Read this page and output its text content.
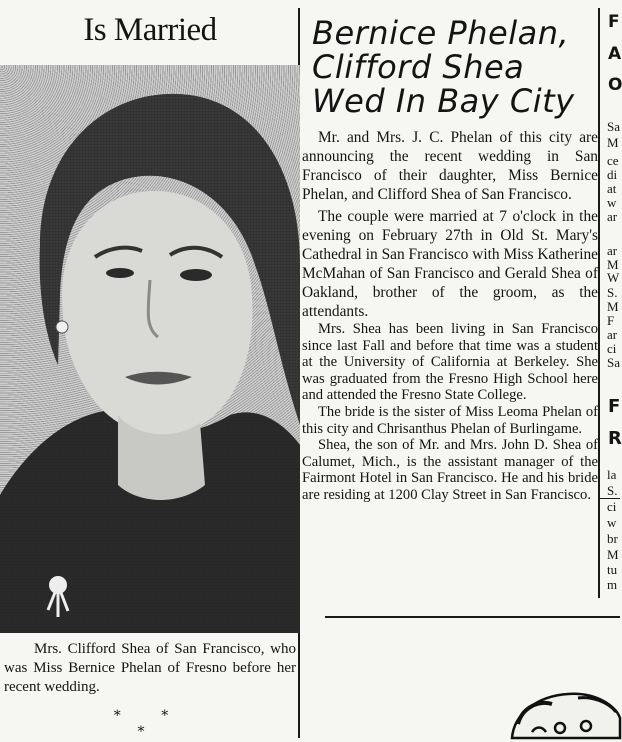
Is Married
Mrs. Clifford Shea of San Francisco, who was Miss Bernice Phelan of Fresno before her recent wedding.
* * *
Bernice Phelan,
Clifford Shea
Wed In Bay City

Mr. and Mrs. J. C. Phelan of this city are announcing the recent wedding in San Francisco of their daughter, Miss Bernice Phelan, and Clifford Shea of San Francisco.

The couple were married at 7 o'clock in the evening on February 27th in Old St. Mary's Cathedral in San Francisco with Miss Katherine McMahan of San Francisco and Gerald Shea of Oakland, brother of the groom, as the attendants.

Mrs. Shea has been living in San Francisco since last Fall and before that time was a student at the University of California at Berkeley. She was graduated from the Fresno High School here and attended the Fresno State College.

The bride is the sister of Miss Leoma Phelan of this city and Chrisanthus Phelan of Burlingame.

Shea, the son of Mr. and Mrs. John D. Shea of Calumet, Mich., is the assistant manager of the Fairmont Hotel in San Francisco. He and his bride are residing at 1200 Clay Street in San Francisco.

F
A
O
Sa
M
ce
di
at
w
ar
ar
M
W
S.
M
F
ar
ci
Sa
F
R
la
S.
ci
w
br
M
tu
m
